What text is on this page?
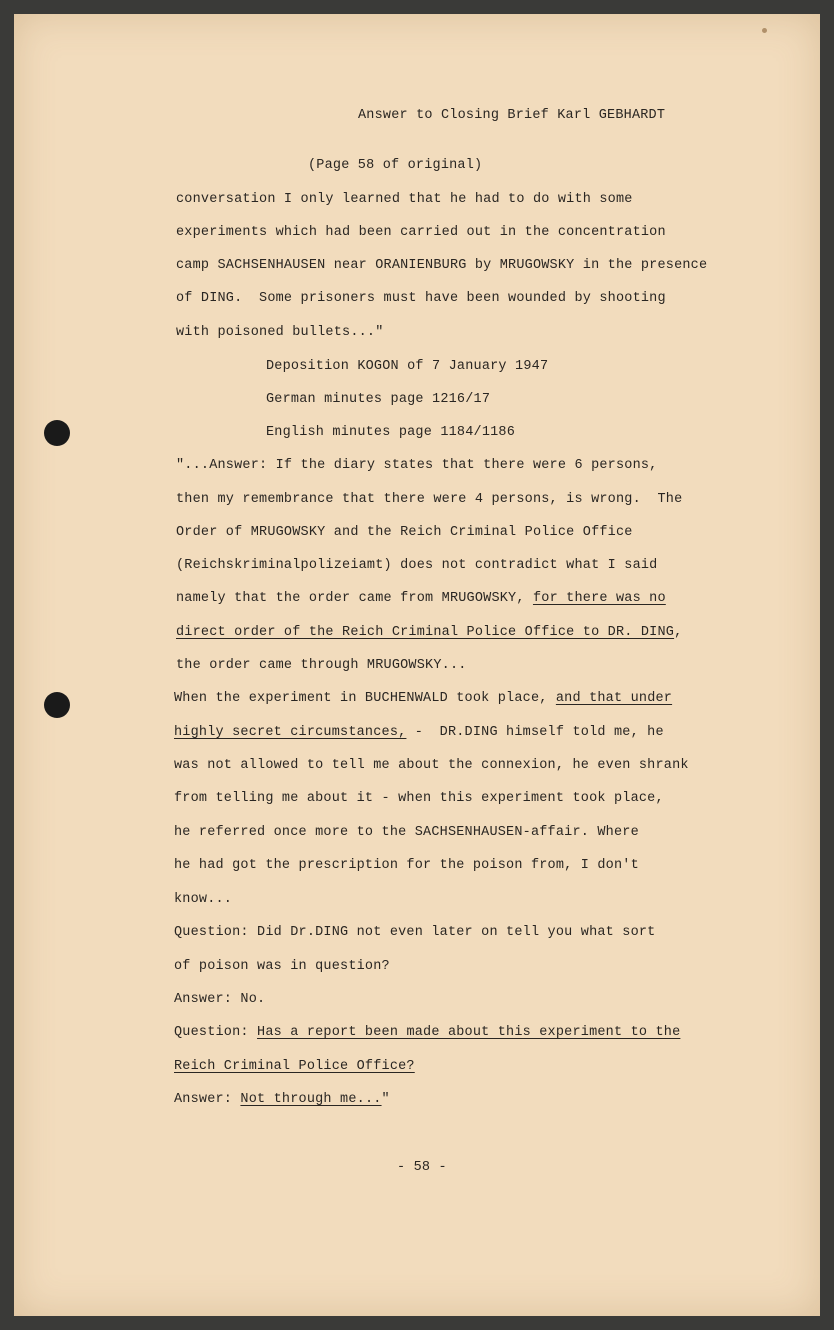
Answer to Closing Brief Karl GEBHARDT
(Page 58 of original)
conversation I only learned that he had to do with some
experiments which had been carried out in the concentration
camp SACHSENHAUSEN near ORANIENBURG by MRUGOWSKY in the presence
of DING.  Some prisoners must have been wounded by shooting
with poisoned bullets..."
Deposition KOGON of 7 January 1947
German minutes page 1216/17
English minutes page 1184/1186
"...Answer: If the diary states that there were 6 persons,
then my remembrance that there were 4 persons, is wrong.  The
Order of MRUGOWSKY and the Reich Criminal Police Office
(Reichskriminalpolizeiamt) does not contradict what I said
namely that the order came from MRUGOWSKY, for there was no
direct order of the Reich Criminal Police Office to DR. DING,
the order came through MRUGOWSKY...
When the experiment in BUCHENWALD took place, and that under
highly secret circumstances, -  DR.DING himself told me, he
was not allowed to tell me about the connexion, he even shrank
from telling me about it - when this experiment took place,
he referred once more to the SACHSENHAUSEN-affair. Where
he had got the prescription for the poison from, I don't
know...
Question: Did Dr.DING not even later on tell you what sort
of poison was in question?
Answer: No.
Question: Has a report been made about this experiment to the
Reich Criminal Police Office?
Answer: Not through me..."
- 58 -
